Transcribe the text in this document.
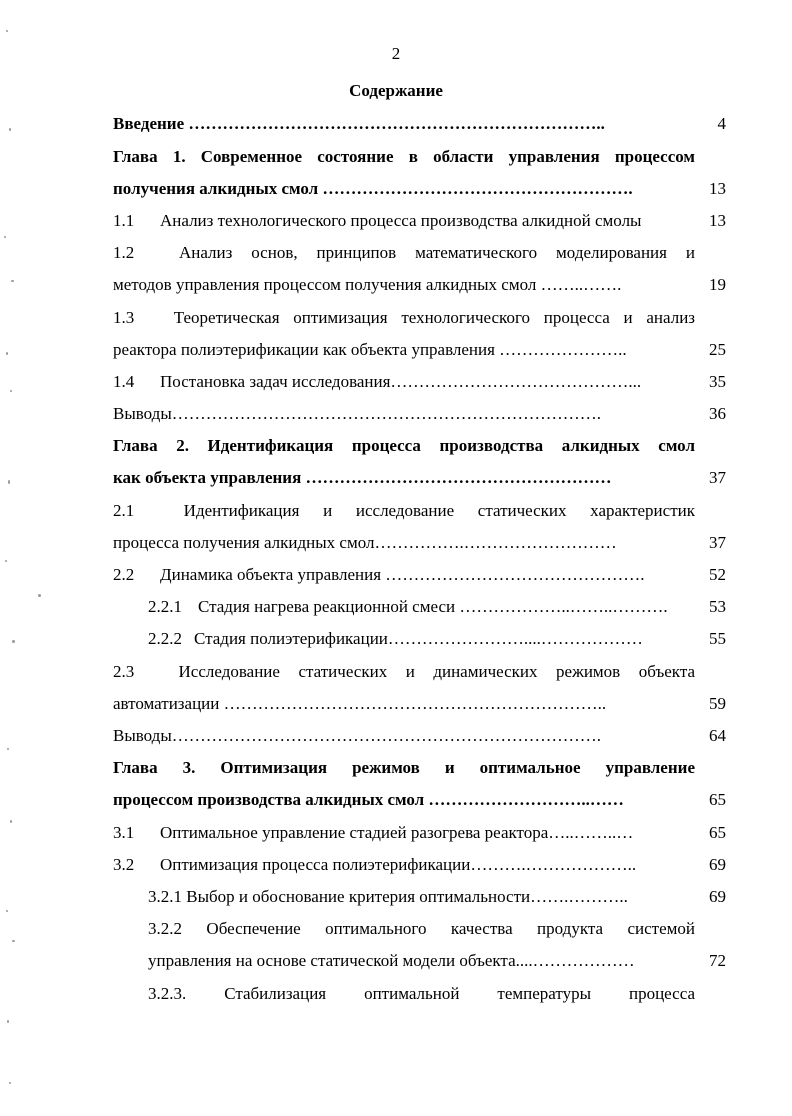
2
Содержание
Введение ………………………………………………………………..	4
Глава 1. Современное состояние в области управления процессом
получения алкидных смол ……………………………………………….	13
1.1 Анализ технологического процесса производства алкидной смолы	13
1.2	Анализ основ, принципов математического моделирования и
методов управления процессом получения алкидных смол ……..…….	19
1.3 Теоретическая оптимизация технологического процесса и анализ
реактора полиэтерификации как объекта управления …………………..	25
1.4 Постановка задач исследования……………………………………...	35
Выводы………………………………………………………………….	36
Глава 2. Идентификация процесса производства алкидных смол
как объекта управления ………………………………………………	37
2.1	Идентификация и исследование статических характеристик
процесса получения алкидных смол…………….………………………	37
2.2 Динамика объекта управления ……………………………………….	52
2.2.1 Стадия нагрева реакционной смеси ………………..……..……….	53
2.2.2 Стадия полиэтерификации……………………....………………	55
2.3	Исследование статических и динамических режимов объекта
автоматизации …………………………………………………………..	59
Выводы………………………………………………………………….	64
Глава 3. Оптимизация режимов и оптимальное управление
процессом производства алкидных смол ………………………..……	65
3.1 Оптимальное управление стадией разогрева реактора…..……..…	65
3.2 Оптимизация процесса полиэтерификации……….………………..	69
3.2.1 Выбор и обоснование критерия оптимальности…….………..	69
3.2.2 Обеспечение оптимального качества продукта системой
управления на основе статической модели объекта....………………	72
3.2.3. Стабилизация оптимальной температуры процесса
